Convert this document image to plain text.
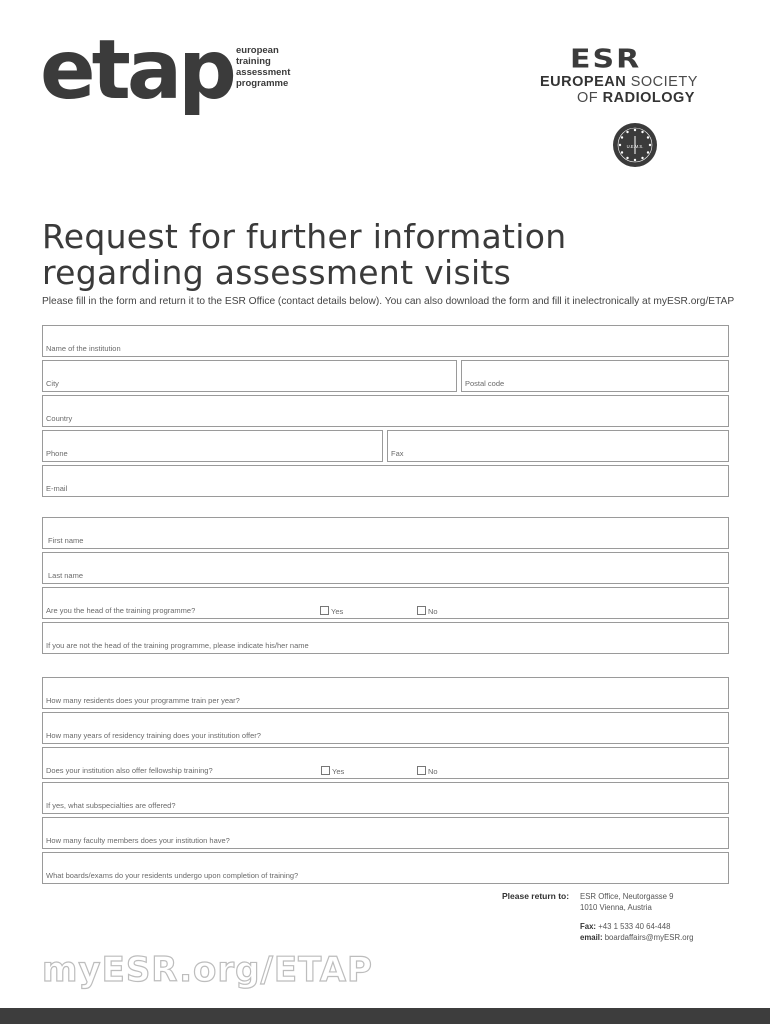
etap european
training
assessment
programme
ESR
EUROPEAN SOCIETY
OF RADIOLOGY
U.E.M.S.
Request for further information
regarding assessment visits
Please fill in the form and return it to the ESR Office (contact details below). You can also download the form and fill it inelectronically at myESR.org/ETAP
Name of the institution
City	Postal code
Country
Phone	Fax
E-mail
First name
Last name
Are you the head of the training programme?	Yes	No
If you are not the head of the training programme, please indicate his/her name
How many residents does your programme train per year?
How many years of residency training does your institution offer?
Does your institution also offer fellowship training?	Yes	No
If yes, what subspecialties are offered?
How many faculty members does your institution have?
What boards/exams do your residents undergo upon completion of training?
Please return to: ESR Office, Neutorgasse 9
1010 Vienna, Austria
Fax: +43 1 533 40 64-448
email: boardaffairs@myESR.org
myESR.org/ETAP
